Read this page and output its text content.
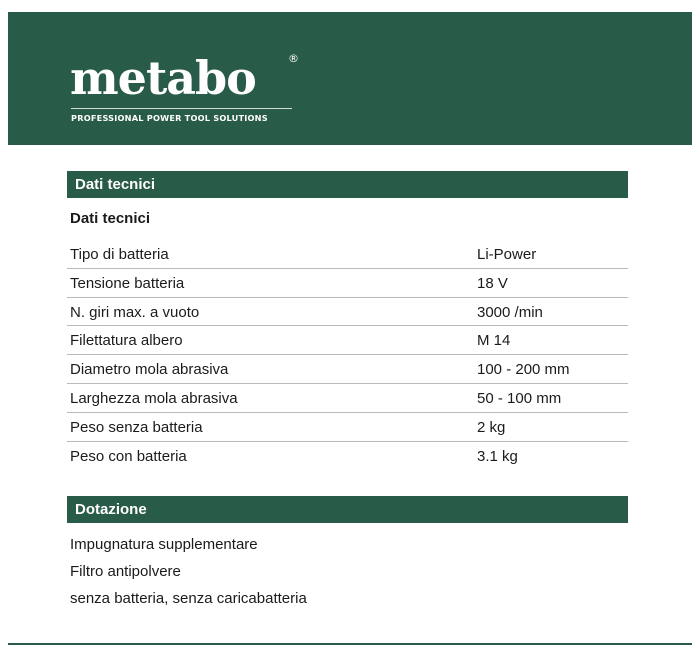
metabo	®
PROFESSIONAL POWER TOOL SOLUTIONS
Dati tecnici
Dati tecnici
Tipo di batteria	Li-Power
Tensione batteria	18 V
N. giri max. a vuoto	3000 /min
Filettatura albero	M 14
Diametro mola abrasiva	100 - 200 mm
Larghezza mola abrasiva	50 - 100 mm
Peso senza batteria	2 kg
Peso con batteria	3.1 kg
Dotazione
Impugnatura supplementare
Filtro antipolvere
senza batteria, senza caricabatteria
